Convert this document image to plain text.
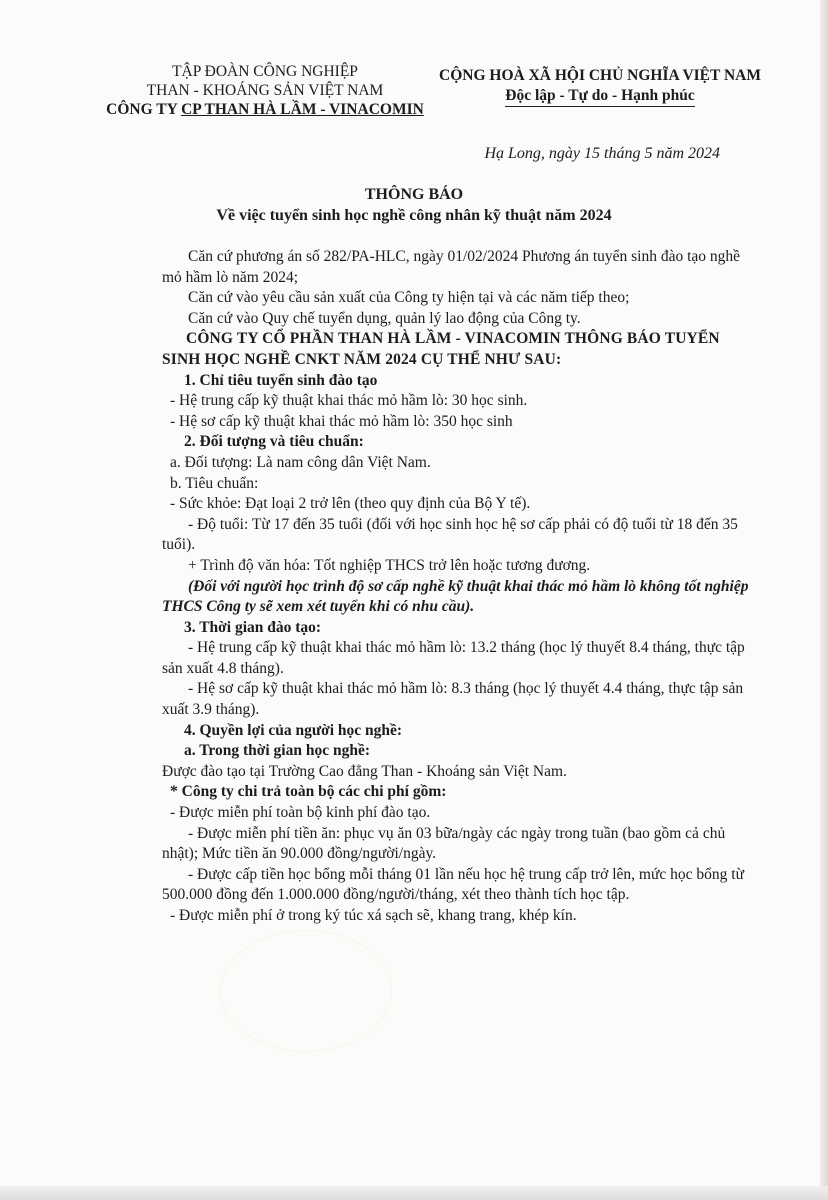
TẬP ĐOÀN CÔNG NGHIỆP
THAN - KHOÁNG SẢN VIỆT NAM
CÔNG TY CP THAN HÀ LẦM - VINACOMIN
CỘNG HOÀ XÃ HỘI CHỦ NGHĨA VIỆT NAM
Độc lập - Tự do - Hạnh phúc
Hạ Long, ngày 15 tháng 5 năm 2024
THÔNG BÁO
Về việc tuyển sinh học nghề công nhân kỹ thuật năm 2024

Căn cứ phương án số 282/PA-HLC, ngày 01/02/2024 Phương án tuyển sinh đào tạo nghề mỏ hầm lò năm 2024;

Căn cứ vào yêu cầu sản xuất của Công ty hiện tại và các năm tiếp theo;

Căn cứ vào Quy chế tuyển dụng, quản lý lao động của Công ty.

CÔNG TY CỔ PHẦN THAN HÀ LẦM - VINACOMIN THÔNG BÁO TUYỂN SINH HỌC NGHỀ CNKT NĂM 2024 CỤ THỂ NHƯ SAU:

1. Chỉ tiêu tuyển sinh đào tạo

- Hệ trung cấp kỹ thuật khai thác mỏ hầm lò: 30 học sinh.

- Hệ sơ cấp kỹ thuật khai thác mỏ hầm lò: 350 học sinh

2. Đối tượng và tiêu chuẩn:

a. Đối tượng: Là nam công dân Việt Nam.

b. Tiêu chuẩn:

- Sức khỏe: Đạt loại 2 trở lên (theo quy định của Bộ Y tế).

- Độ tuổi: Từ 17 đến 35 tuổi (đối với học sinh học hệ sơ cấp phải có độ tuổi từ 18 đến 35 tuổi).

+ Trình độ văn hóa: Tốt nghiệp THCS trở lên hoặc tương đương.

(Đối với người học trình độ sơ cấp nghề kỹ thuật khai thác mỏ hầm lò không tốt nghiệp THCS Công ty sẽ xem xét tuyển khi có nhu cầu).

3. Thời gian đào tạo:

- Hệ trung cấp kỹ thuật khai thác mỏ hầm lò: 13.2 tháng (học lý thuyết 8.4 tháng, thực tập sản xuất 4.8 tháng).

- Hệ sơ cấp kỹ thuật khai thác mỏ hầm lò: 8.3 tháng (học lý thuyết 4.4 tháng, thực tập sản xuất 3.9 tháng).

4. Quyền lợi của người học nghề:

a. Trong thời gian học nghề:

Được đào tạo tại Trường Cao đẳng Than - Khoáng sản Việt Nam.

* Công ty chi trả toàn bộ các chi phí gồm:

- Được miễn phí toàn bộ kinh phí đào tạo.

- Được miễn phí tiền ăn: phục vụ ăn 03 bữa/ngày các ngày trong tuần (bao gồm cả chủ nhật); Mức tiền ăn 90.000 đồng/người/ngày.

- Được cấp tiền học bổng mỗi tháng 01 lần nếu học hệ trung cấp trở lên, mức học bổng từ 500.000 đồng đến 1.000.000 đồng/người/tháng, xét theo thành tích học tập.

- Được miễn phí ở trong ký túc xá sạch sẽ, khang trang, khép kín.
